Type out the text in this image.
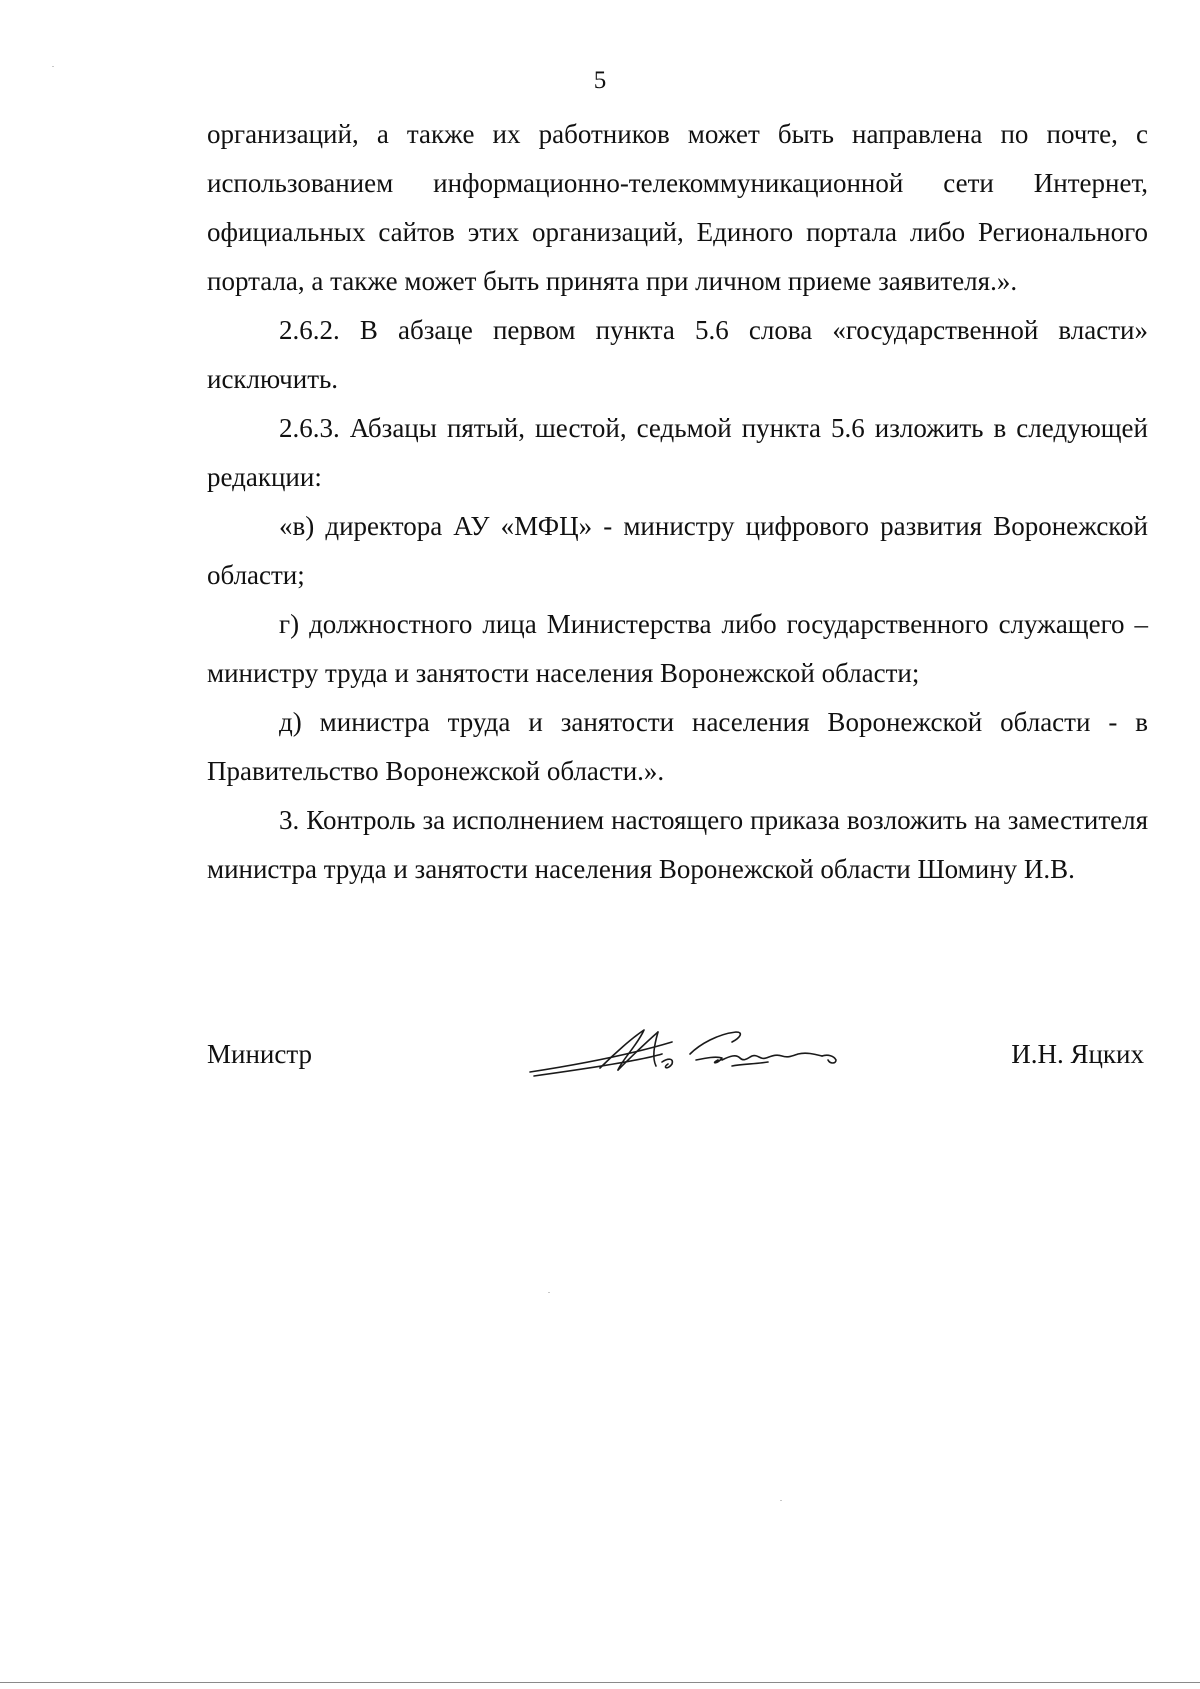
5

организаций, а также их работников может быть направлена по почте, с использованием информационно-телекоммуникационной сети Интернет, официальных сайтов этих организаций, Единого портала либо Регионального портала, а также может быть принята при личном приеме заявителя.».

2.6.2. В абзаце первом пункта 5.6 слова «государственной власти» исключить.

2.6.3. Абзацы пятый, шестой, седьмой пункта 5.6 изложить в следующей редакции:

«в) директора АУ «МФЦ» - министру цифрового развития Воронежской области;

г) должностного лица Министерства либо государственного служащего – министру труда и занятости населения Воронежской области;

д) министра труда и занятости населения Воронежской области - в Правительство Воронежской области.».

3. Контроль за исполнением настоящего приказа возложить на заместителя министра труда и занятости населения Воронежской области Шомину И.В.

Министр	И.Н. Яцких
